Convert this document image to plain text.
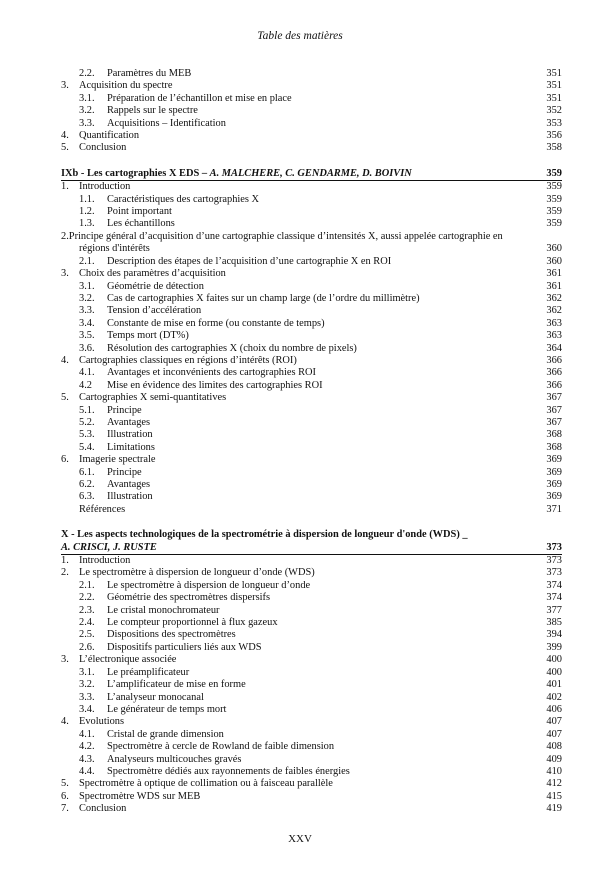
Table des matières
2.2. Paramètres du MEB	351
3. Acquisition du spectre	351
3.1. Préparation de l’échantillon et mise en place	351
3.2. Rappels sur le spectre	352
3.3. Acquisitions – Identification	353
4. Quantification	356
5. Conclusion	358
IXb - Les cartographies X EDS – A. MALCHERE, C. GENDARME, D. BOIVIN	359
1. Introduction	359
1.1. Caractéristiques des cartographies X	359
1.2. Point important	359
1.3. Les échantillons	359
2.Principe général d’acquisition d’une cartographie classique d’intensités X, aussi appelée cartographie en régions d'intérêts	360
2.1. Description des étapes de l’acquisition d’une cartographie X en ROI	360
3. Choix des paramètres d’acquisition	361
3.1. Géométrie de détection	361
3.2. Cas de cartographies X faites sur un champ large (de l’ordre du millimètre)	362
3.3. Tension d’accélération	362
3.4. Constante de mise en forme (ou constante de temps)	363
3.5. Temps mort (DT%)	363
3.6. Résolution des cartographies X (choix du nombre de pixels)	364
4. Cartographies classiques en régions d’intérêts (ROI)	366
4.1. Avantages et inconvénients des cartographies ROI	366
4.2 Mise en évidence des limites des cartographies ROI	366
5. Cartographies X semi-quantitatives	367
5.1. Principe	367
5.2. Avantages	367
5.3. Illustration	368
5.4. Limitations	368
6. Imagerie spectrale	369
6.1. Principe	369
6.2. Avantages	369
6.3. Illustration	369
Références	371
X - Les aspects technologiques de la spectrométrie à dispersion de longueur d'onde (WDS) _
A. CRISCI, J. RUSTE	373
1. Introduction	373
2. Le spectromètre à dispersion de longueur d’onde (WDS)	373
2.1. Le spectromètre à dispersion de longueur d’onde	374
2.2. Géométrie des spectromètres dispersifs	374
2.3. Le cristal monochromateur	377
2.4. Le compteur proportionnel à flux gazeux	385
2.5. Dispositions des spectromètres	394
2.6. Dispositifs particuliers liés aux WDS	399
3. L’électronique associée	400
3.1. Le préamplificateur	400
3.2. L’amplificateur de mise en forme	401
3.3. L’analyseur monocanal	402
3.4. Le générateur de temps mort	406
4. Evolutions	407
4.1. Cristal de grande dimension	407
4.2. Spectromètre à cercle de Rowland de faible dimension	408
4.3. Analyseurs multicouches gravés	409
4.4. Spectromètre dédiés aux rayonnements de faibles énergies	410
5. Spectromètre à optique de collimation ou à faisceau parallèle	412
6. Spectromètre WDS sur MEB	415
7. Conclusion	419
XXV
